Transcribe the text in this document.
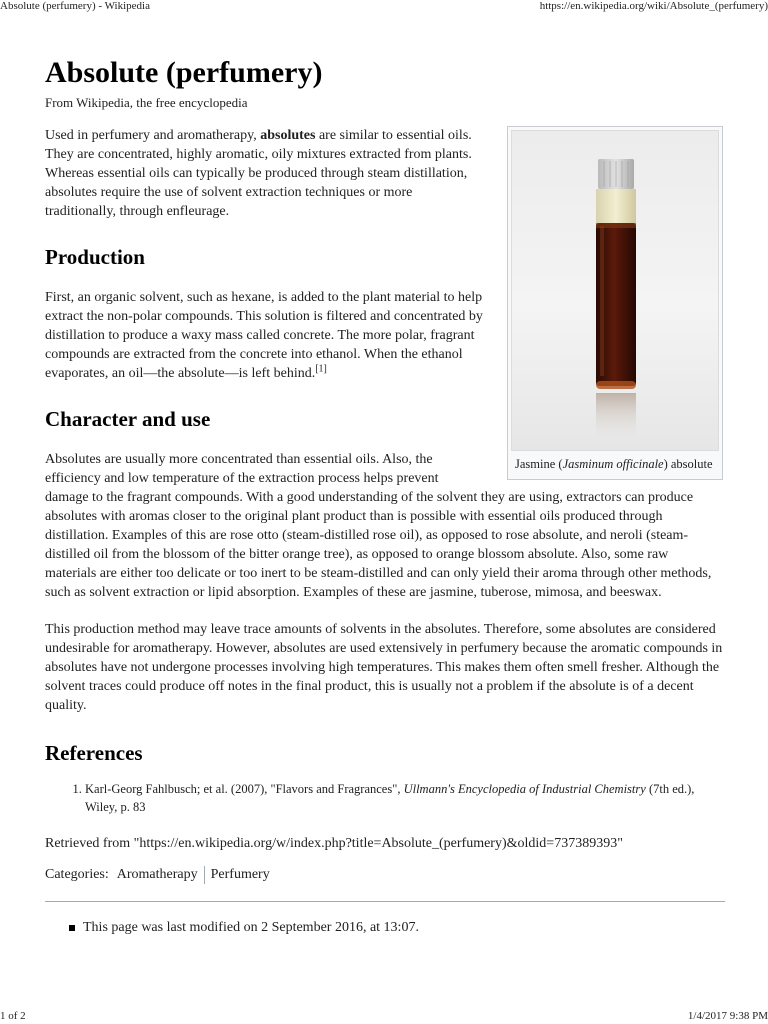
Absolute (perfumery) - Wikipedia	https://en.wikipedia.org/wiki/Absolute_(perfumery)
Absolute (perfumery)
From Wikipedia, the free encyclopedia
Jasmine (Jasminum officinale) absolute

Used in perfumery and aromatherapy, absolutes are similar to essential oils. They are concentrated, highly aromatic, oily mixtures extracted from plants. Whereas essential oils can typically be produced through steam distillation, absolutes require the use of solvent extraction techniques or more traditionally, through enfleurage.

Production

First, an organic solvent, such as hexane, is added to the plant material to help extract the non-polar compounds. This solution is filtered and concentrated by distillation to produce a waxy mass called concrete. The more polar, fragrant compounds are extracted from the concrete into ethanol. When the ethanol evaporates, an oil—the absolute—is left behind.[1]

Character and use

Absolutes are usually more concentrated than essential oils. Also, the efficiency and low temperature of the extraction process helps prevent damage to the fragrant compounds. With a good understanding of the solvent they are using, extractors can produce absolutes with aromas closer to the original plant product than is possible with essential oils produced through distillation. Examples of this are rose otto (steam-distilled rose oil), as opposed to rose absolute, and neroli (steam-distilled oil from the blossom of the bitter orange tree), as opposed to orange blossom absolute. Also, some raw materials are either too delicate or too inert to be steam-distilled and can only yield their aroma through other methods, such as solvent extraction or lipid absorption. Examples of these are jasmine, tuberose, mimosa, and beeswax.

This production method may leave trace amounts of solvents in the absolutes. Therefore, some absolutes are considered undesirable for aromatherapy. However, absolutes are used extensively in perfumery because the aromatic compounds in absolutes have not undergone processes involving high temperatures. This makes them often smell fresher. Although the solvent traces could produce off notes in the final product, this is usually not a problem if the absolute is of a decent quality.

References
1. Karl-Georg Fahlbusch; et al. (2007), "Flavors and Fragrances", Ullmann's Encyclopedia of Industrial Chemistry (7th ed.), Wiley, p. 83
Retrieved from "https://en.wikipedia.org/w/index.php?title=Absolute_(perfumery)&oldid=737389393"
Categories: Aromatherapy Perfumery
This page was last modified on 2 September 2016, at 13:07.
1 of 2	1/4/2017 9:38 PM
